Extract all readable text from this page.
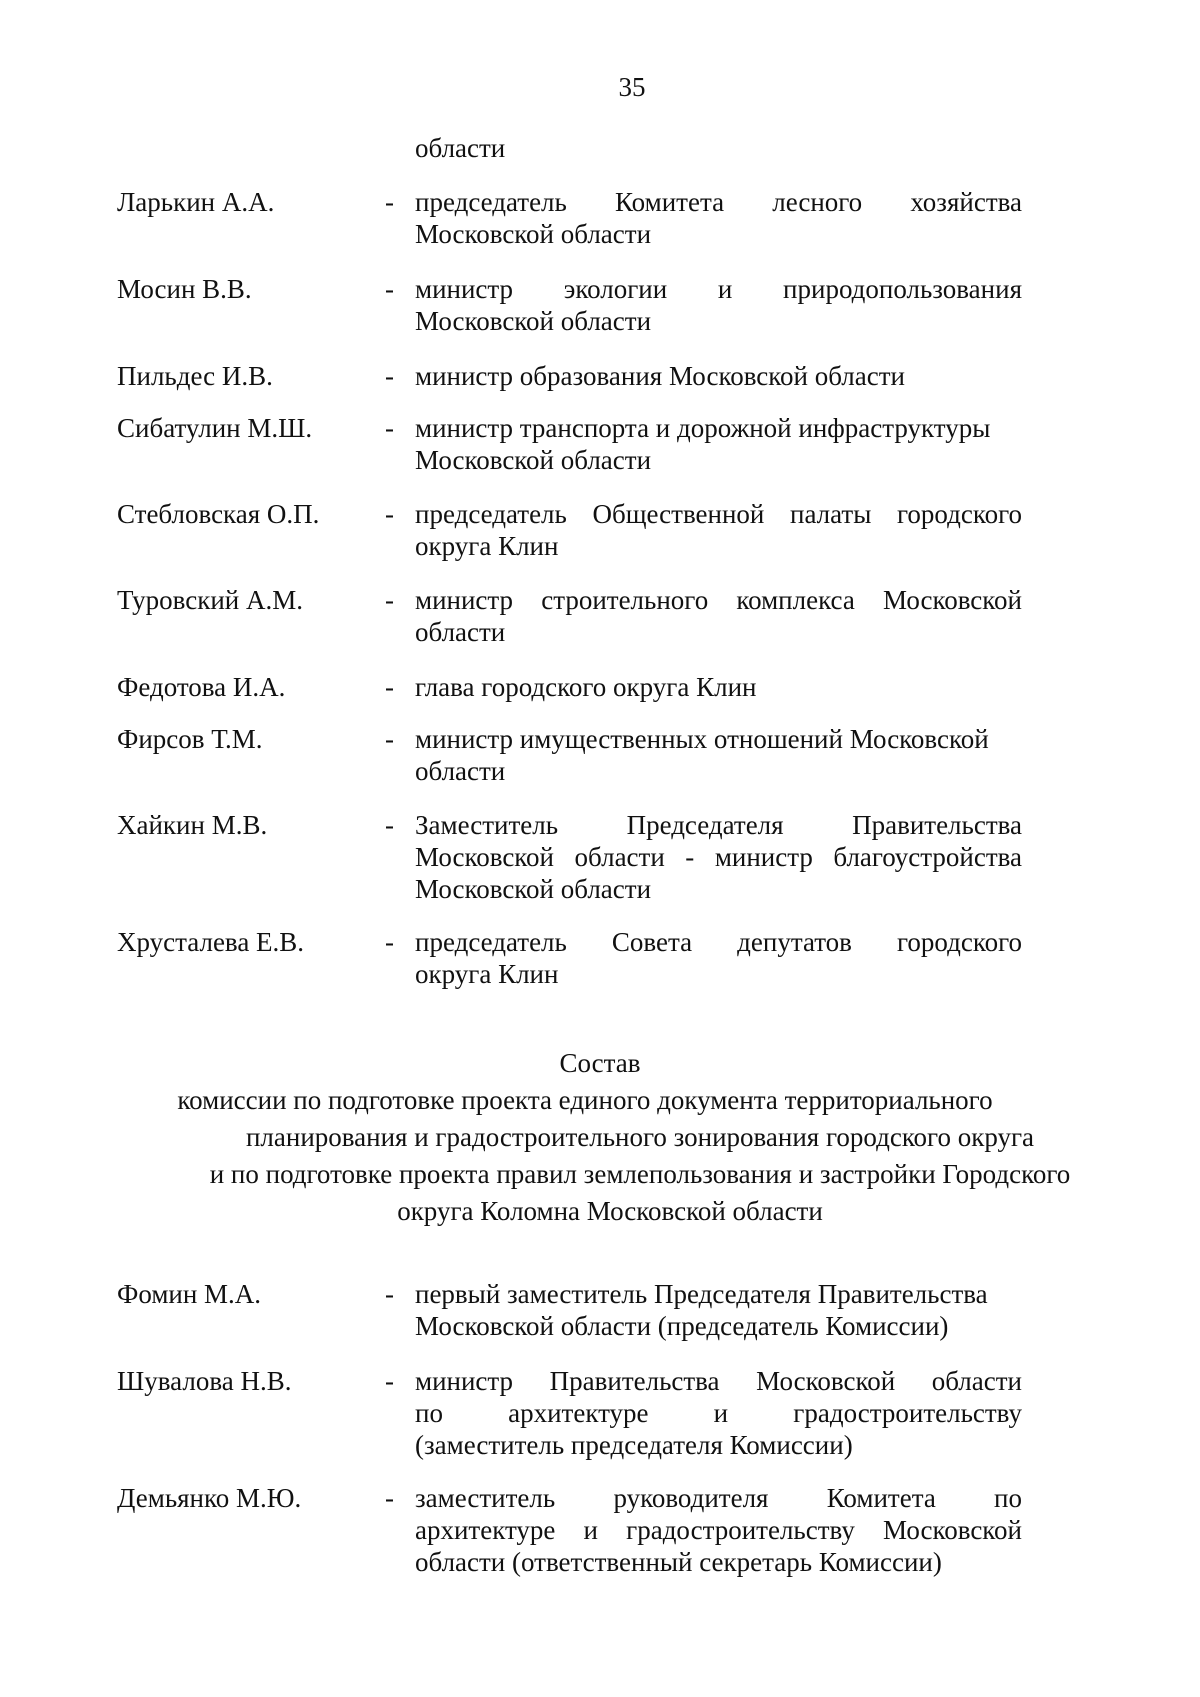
35
области
Ларькин А.А.	- председатель Комитета лесного хозяйства
Московской области
Мосин В.В.	- министр экологии и природопользования
Московской области
Пильдес И.В.	- министр образования Московской области
Сибатулин М.Ш.	- министр транспорта и дорожной инфраструктуры
Московской области
Стебловская О.П. - председатель Общественной палаты городского
округа Клин
Туровский А.М.	- министр строительного комплекса Московской
области
Федотова И.А.	- глава городского округа Клин
Фирсов Т.М.	- министр имущественных отношений Московской
области
Хайкин М.В.	- Заместитель Председателя Правительства
Московской области - министр благоустройства
Московской области
Хрусталева Е.В.	- председатель Совета депутатов городского
округа Клин
Состав
комиссии по подготовке проекта единого документа территориального
планирования и градостроительного зонирования городского округа
и по подготовке проекта правил землепользования и застройки Городского
округа Коломна Московской области
Фомин М.А.	- первый заместитель Председателя Правительства
Московской области (председатель Комиссии)
Шувалова Н.В.	- министр Правительства Московской области
по архитектуре и градостроительству
(заместитель председателя Комиссии)
Демьянко М.Ю.	- заместитель руководителя Комитета по
архитектуре и градостроительству Московской
области (ответственный секретарь Комиссии)
